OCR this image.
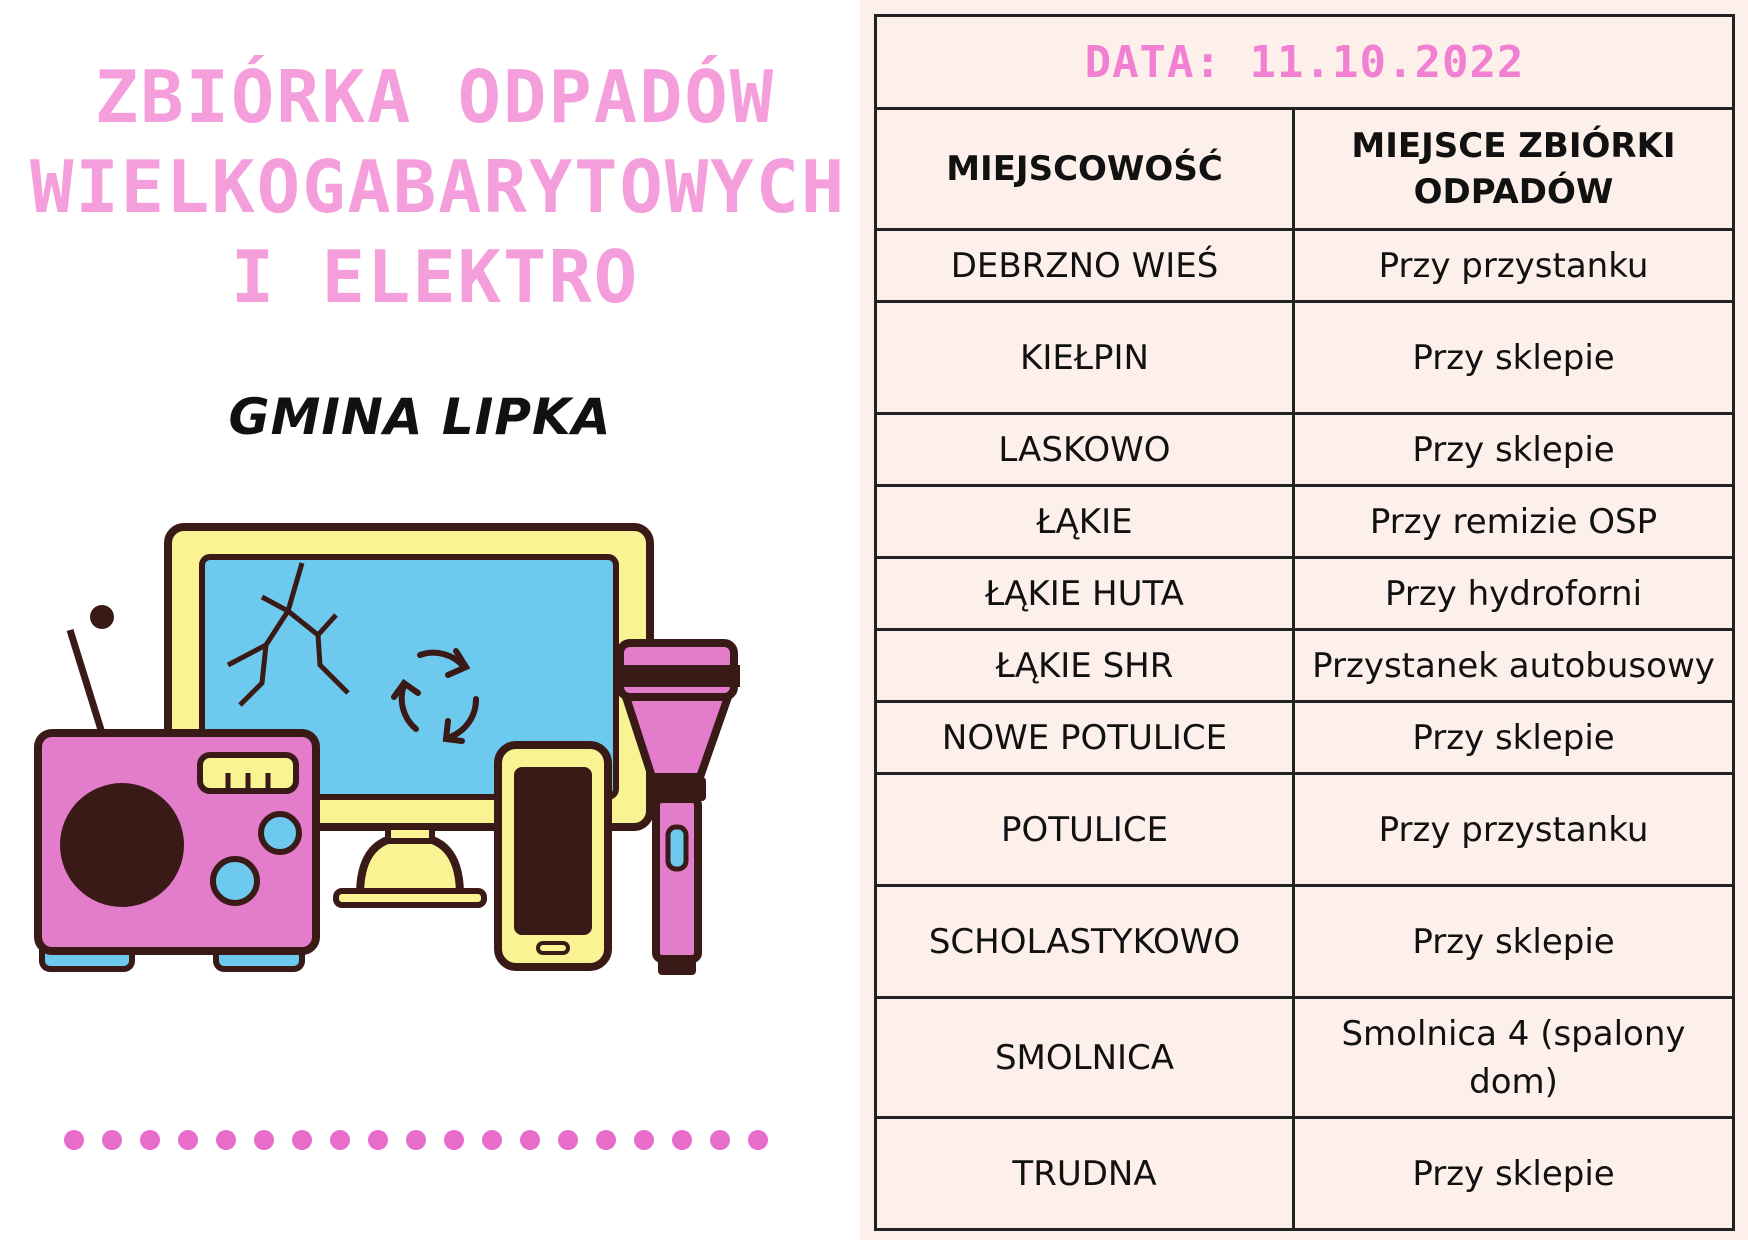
ZBIÓRKA ODPADÓW
WIELKOGABARYTOWYCH
I ELEKTRO
GMINA LIPKA
DATA: 11.10.2022	
MIEJSCOWOŚĆ	MIEJSCE ZBIÓRKI ODPADÓW
DEBRZNO WIEŚ	Przy przystanku
KIEŁPIN	Przy sklepie
LASKOWO	Przy sklepie
ŁĄKIE	Przy remizie OSP
ŁĄKIE HUTA	Przy hydroforni
ŁĄKIE SHR	Przystanek autobusowy
NOWE POTULICE	Przy sklepie
POTULICE	Przy przystanku
SCHOLASTYKOWO	Przy sklepie
SMOLNICA	Smolnica 4 (spalony dom)
TRUDNA	Przy sklepie
